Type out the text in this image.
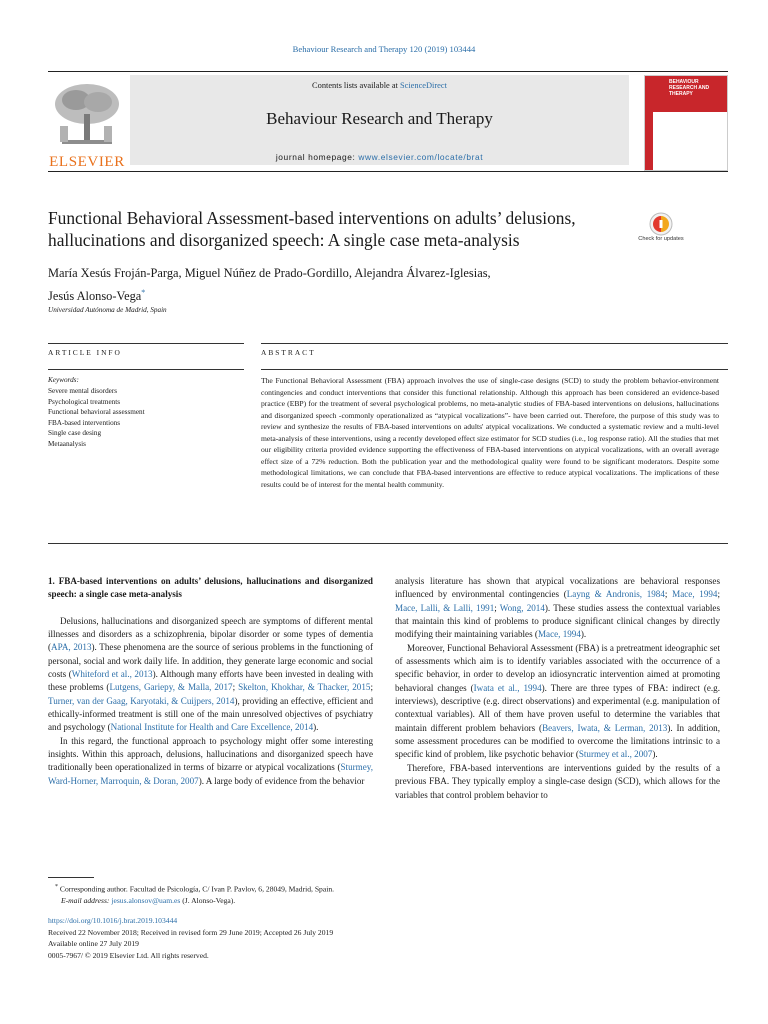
Behaviour Research and Therapy 120 (2019) 103444
ELSEVIER
Contents lists available at ScienceDirect
Behaviour Research and Therapy
journal homepage: www.elsevier.com/locate/brat
BEHAVIOUR RESEARCH AND THERAPY
Functional Behavioral Assessment-based interventions on adults’ delusions,
hallucinations and disorganized speech: A single case meta-analysis	Check for updates
María Xesús Froján-Parga, Miguel Núñez de Prado-Gordillo, Alejandra Álvarez-Iglesias,
Jesús Alonso-Vega*
Universidad Autónoma de Madrid, Spain
ARTICLE INFO
Keywords:
Severe mental disorders
Psychological treatments
Functional behavioral assessment
FBA-based interventions
Single case desing
Metaanalysis
ABSTRACT
The Functional Behavioral Assessment (FBA) approach involves the use of single-case designs (SCD) to study the problem behavior-environment contingencies and conduct interventions that consider this functional relationship. Although this approach has been considered an evidence-based practice (EBP) for the treatment of several psychological problems, no meta-analytic studies of FBA-based interventions on delusions, hallucinations and disorganized speech -commonly operationalized as “atypical vocalizations”- have been carried out. Therefore, the purpose of this study was to review and synthesize the results of FBA-based interventions on adults' atypical vocalizations. We conducted a systematic review and a multi-level meta-analysis of these interventions, using a recently developed effect size estimator for SCD studies (i.e., log response ratio). All the studies that met our eligibility criteria provided evidence supporting the effectiveness of FBA-based interventions on atypical vocalizations, with an overall average effect size of a 72% reduction. Both the publication year and the methodological quality were found to be significant moderators. Despite some methodological limitations, we can conclude that FBA-based interventions are effective to reduce atypical vocalizations. The implications of these results could be of interest for the mental health community.
1. FBA-based interventions on adults’ delusions, hallucinations and disorganized speech: a single case meta-analysis

Delusions, hallucinations and disorganized speech are symptoms of different mental illnesses and disorders as a schizophrenia, bipolar disorder or some types of dementia (APA, 2013). These phenomena are the source of serious problems in the functioning of personal, social and work daily life. In addition, they generate large economic and social costs (Whiteford et al., 2013). Although many efforts have been invested in dealing with these problems (Lutgens, Gariepy, & Malla, 2017; Skelton, Khokhar, & Thacker, 2015; Turner, van der Gaag, Karyotaki, & Cuijpers, 2014), providing an effective, efficient and ethically-informed treatment is still one of the main unresolved objectives of psychiatry and psychology (National Institute for Health and Care Excellence, 2014).

In this regard, the functional approach to psychology might offer some interesting insights. Within this approach, delusions, hallucinations and disorganized speech have traditionally been operationalized in terms of bizarre or atypical vocalizations (Sturmey, Ward-Horner, Marroquin, & Doran, 2007). A large body of evidence from the behavior

analysis literature has shown that atypical vocalizations are behavioral responses influenced by environmental contingencies (Layng & Andronis, 1984; Mace, 1994; Mace, Lalli, & Lalli, 1991; Wong, 2014). These studies assess the contextual variables that maintain this kind of problems to produce significant clinical changes by directly modifying their maintaining variables (Mace, 1994).

Moreover, Functional Behavioral Assessment (FBA) is a pretreatment ideographic set of assessments which aim is to identify variables associated with the occurrence of a specific behavior, in order to develop an idiosyncratic intervention aimed at promoting behavioral changes (Iwata et al., 1994). There are three types of FBA: indirect (e.g. interviews), descriptive (e.g. direct observations) and experimental (e.g. manipulation of contextual variables). All of them have proven useful to determine the variables that maintain different problem behaviors (Beavers, Iwata, & Lerman, 2013). In addition, some assessment procedures can be modified to overcome the limitations intrinsic to a specific kind of problem, like psychotic behavior (Sturmey et al., 2007).

Therefore, FBA-based interventions are interventions guided by the results of a previous FBA. They typically employ a single-case design (SCD), which allows for the variables that control problem behavior to

* Corresponding author. Facultad de Psicología, C/ Ivan P. Pavlov, 6, 28049, Madrid, Spain.
E-mail address: jesus.alonsov@uam.es (J. Alonso-Vega).
https://doi.org/10.1016/j.brat.2019.103444
Received 22 November 2018; Received in revised form 29 June 2019; Accepted 26 July 2019
Available online 27 July 2019
0005-7967/ © 2019 Elsevier Ltd. All rights reserved.
